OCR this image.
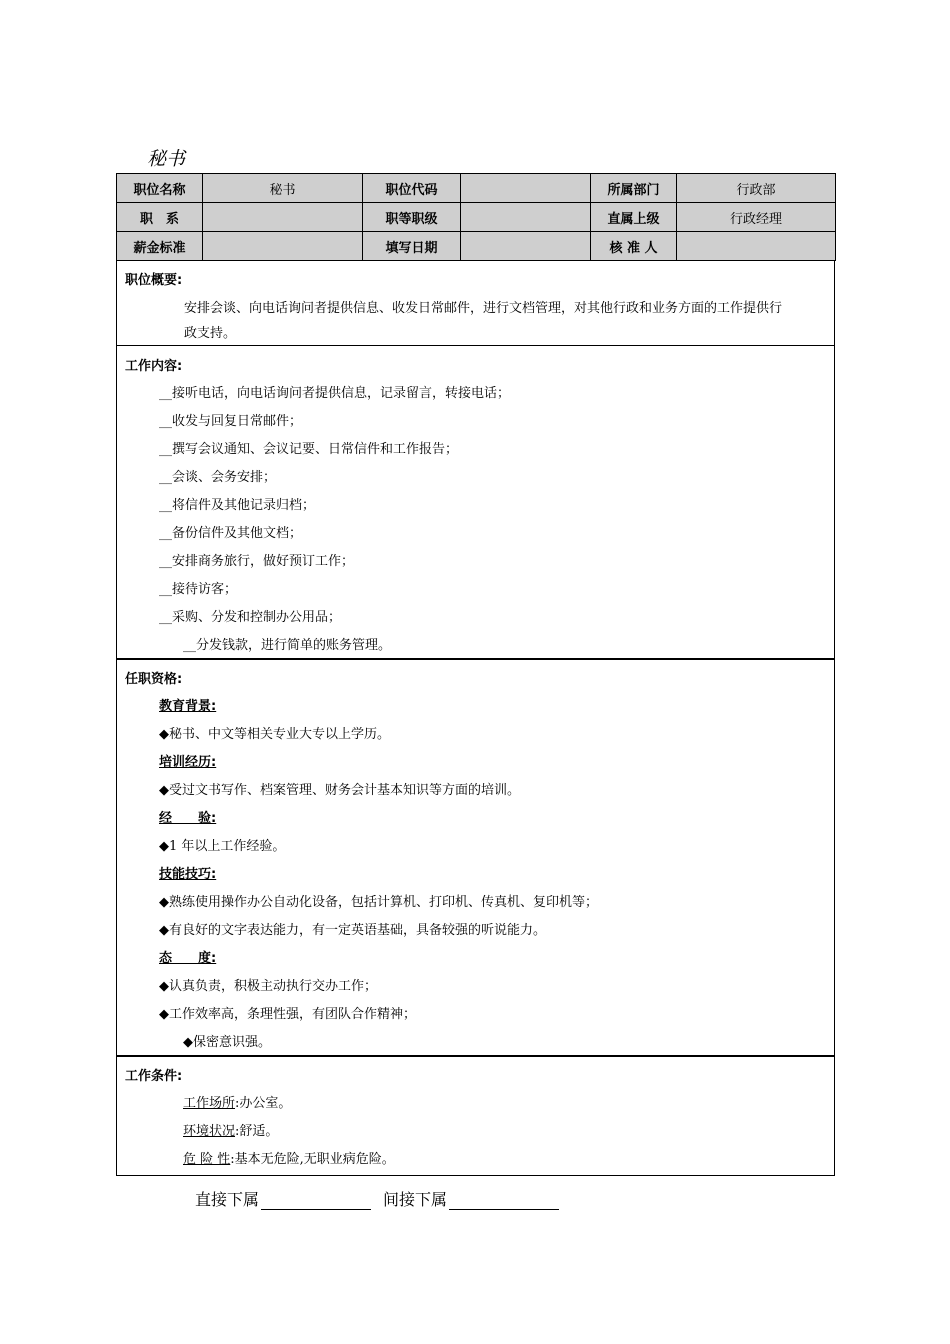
秘书
职位名称	秘书	职位代码		所属部门	行政部
职　系		职等职级		直属上级	行政经理
薪金标准		填写日期		核 准 人	
职位概要:
安排会谈、向电话询问者提供信息、收发日常邮件，进行文档管理，对其他行政和业务方面的工作提供行
政支持。
工作内容:
__接听电话，向电话询问者提供信息，记录留言，转接电话；
__收发与回复日常邮件；
__撰写会议通知、会议记要、日常信件和工作报告；
__会谈、会务安排；
__将信件及其他记录归档；
__备份信件及其他文档；
__安排商务旅行，做好预订工作；
__接待访客；
__采购、分发和控制办公用品；
__分发钱款，进行简单的账务管理。
任职资格:
教育背景:
◆秘书、中文等相关专业大专以上学历。
培训经历:
◆受过文书写作、档案管理、财务会计基本知识等方面的培训。
经　　验:
◆1 年以上工作经验。
技能技巧:
◆熟练使用操作办公自动化设备，包括计算机、打印机、传真机、复印机等；
◆有良好的文字表达能力，有一定英语基础，具备较强的听说能力。
态　　度:
◆认真负责，积极主动执行交办工作；
◆工作效率高，条理性强，有团队合作精神；
◆保密意识强。
工作条件:
工作场所:办公室。
环境状况:舒适。
危 险 性:基本无危险,无职业病危险。
直接下属	间接下属
